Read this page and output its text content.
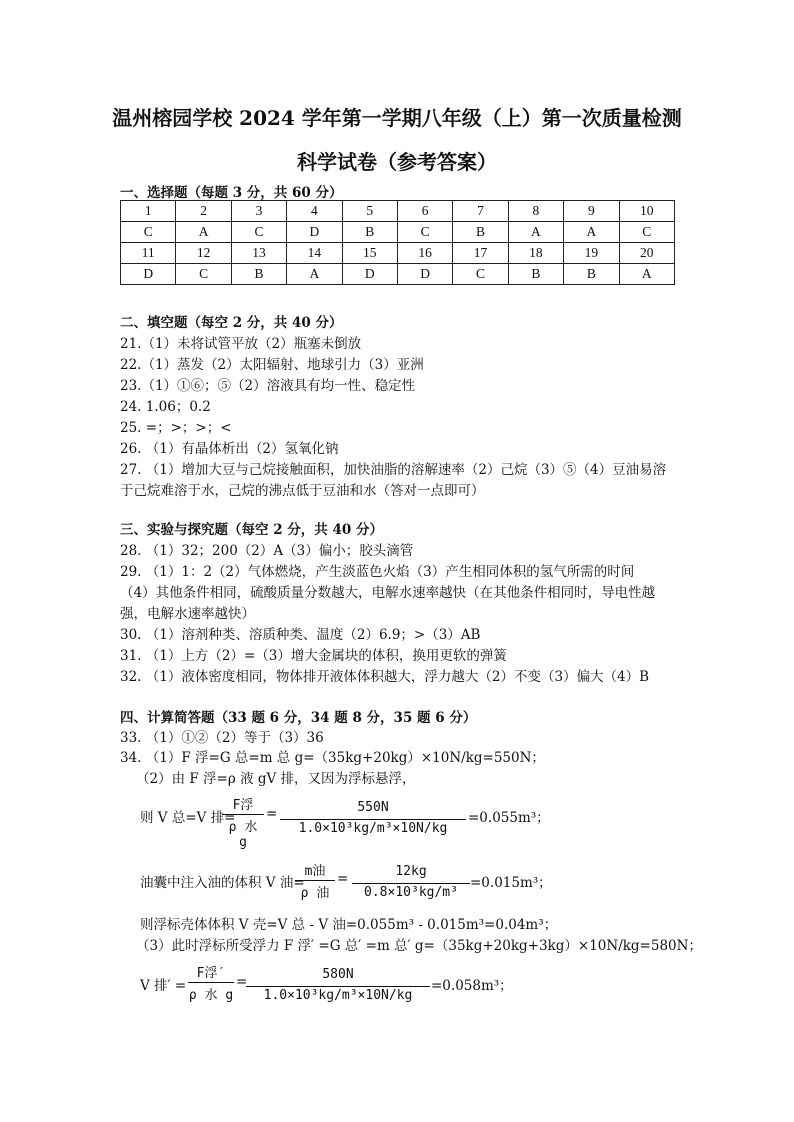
温州榕园学校 2024 学年第一学期八年级（上）第一次质量检测
科学试卷（参考答案）
一、选择题（每题 3 分，共 60 分）
1	2	3	4	5	6	7	8	9	10
C	A	C	D	B	C	B	A	A	C
11	12	13	14	15	16	17	18	19	20
D	C	B	A	D	D	C	B	B	A
二、填空题（每空 2 分，共 40 分）
21.（1）未将试管平放（2）瓶塞未倒放
22.（1）蒸发（2）太阳辐射、地球引力（3）亚洲
23.（1）①⑥；⑤（2）溶液具有均一性、稳定性
24. 1.06；0.2
25. =；>；>；<
26. （1）有晶体析出（2）氢氧化钠
27. （1）增加大豆与己烷接触面积，加快油脂的溶解速率（2）己烷（3）⑤（4）豆油易溶
于己烷难溶于水，己烷的沸点低于豆油和水（答对一点即可）
三、实验与探究题（每空 2 分，共 40 分）
28. （1）32；200（2）A（3）偏小；胶头滴管
29. （1）1：2（2）气体燃烧，产生淡蓝色火焰（3）产生相同体积的氢气所需的时间
（4）其他条件相同，硫酸质量分数越大，电解水速率越快（在其他条件相同时，导电性越
强，电解水速率越快）
30. （1）溶剂种类、溶质种类、温度（2）6.9；>（3）AB
31. （1）上方（2）=（3）增大金属块的体积，换用更软的弹簧
32. （1）液体密度相同，物体排开液体体积越大，浮力越大（2）不变（3）偏大（4）B
四、计算简答题（33 题 6 分，34 题 8 分，35 题 6 分）
33. （1）①②（2）等于（3）36
34. （1）F 浮=G 总=m 总 g=（35kg+20kg）×10N/kg=550N；
（2）由 F 浮=ρ 液 gV 排，又因为浮标悬浮，
则 V 总=V 排=
F浮
ρ 水 g
=	550N
1.0×10³kg/m³×10N/kg
=0.055m³；
油囊中注入油的体积 V 油=
m油
ρ 油
=	12kg
0.8×10³kg/m³
=0.015m³；
则浮标壳体体积 V 壳=V 总 - V 油=0.055m³ - 0.015m³=0.04m³；
（3）此时浮标所受浮力 F 浮′ =G 总′ =m 总′ g=（35kg+20kg+3kg）×10N/kg=580N；
V 排′ =
F浮′
ρ 水 g
=	580N
1.0×10³kg/m³×10N/kg
=0.058m³；
